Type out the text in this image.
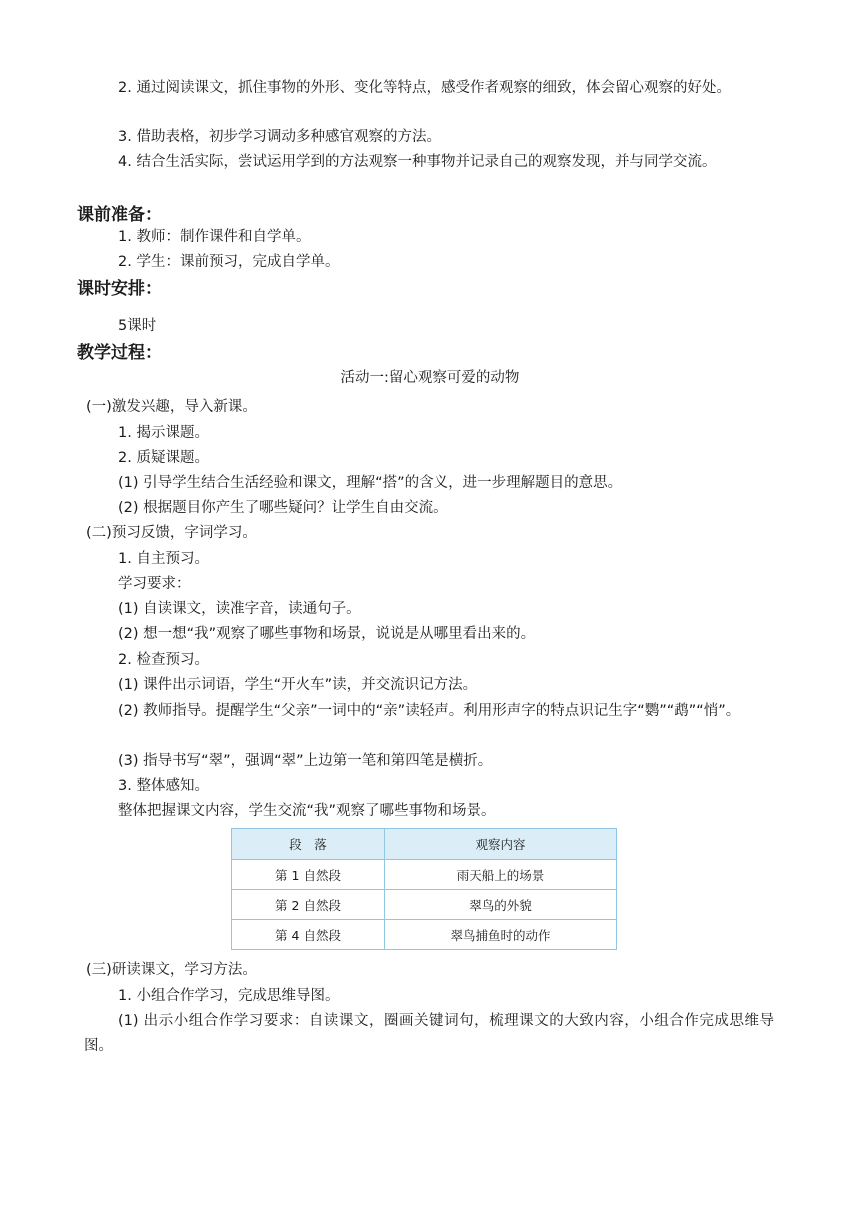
2. 通过阅读课文，抓住事物的外形、变化等特点，感受作者观察的细致，体会留心观察的好处。

3. 借助表格，初步学习调动多种感官观察的方法。

4. 结合生活实际，尝试运用学到的方法观察一种事物并记录自己的观察发现，并与同学交流。

课前准备：

1. 教师：制作课件和自学单。

2. 学生：课前预习，完成自学单。

课时安排：

5课时

教学过程：

活动一:留心观察可爱的动物

(一)激发兴趣，导入新课。

1. 揭示课题。

2. 质疑课题。

(1) 引导学生结合生活经验和课文，理解“搭”的含义，进一步理解题目的意思。

(2) 根据题目你产生了哪些疑问？让学生自由交流。

(二)预习反馈，字词学习。

1. 自主预习。

学习要求：

(1) 自读课文，读准字音，读通句子。

(2) 想一想“我”观察了哪些事物和场景，说说是从哪里看出来的。

2. 检查预习。

(1) 课件出示词语，学生“开火车”读，并交流识记方法。

(2) 教师指导。提醒学生“父亲”一词中的“亲”读轻声。利用形声字的特点识记生字“鹦”“鹉”“悄”。

(3) 指导书写“翠”，强调“翠”上边第一笔和第四笔是横折。

3. 整体感知。

整体把握课文内容，学生交流“我”观察了哪些事物和场景。

段　落	观察内容
第 1 自然段	雨天船上的场景
第 2 自然段	翠鸟的外貌
第 4 自然段	翠鸟捕鱼时的动作

(三)研读课文，学习方法。

1. 小组合作学习，完成思维导图。

(1) 出示小组合作学习要求：自读课文，圈画关键词句，梳理课文的大致内容，小组合作完成思维导图。
